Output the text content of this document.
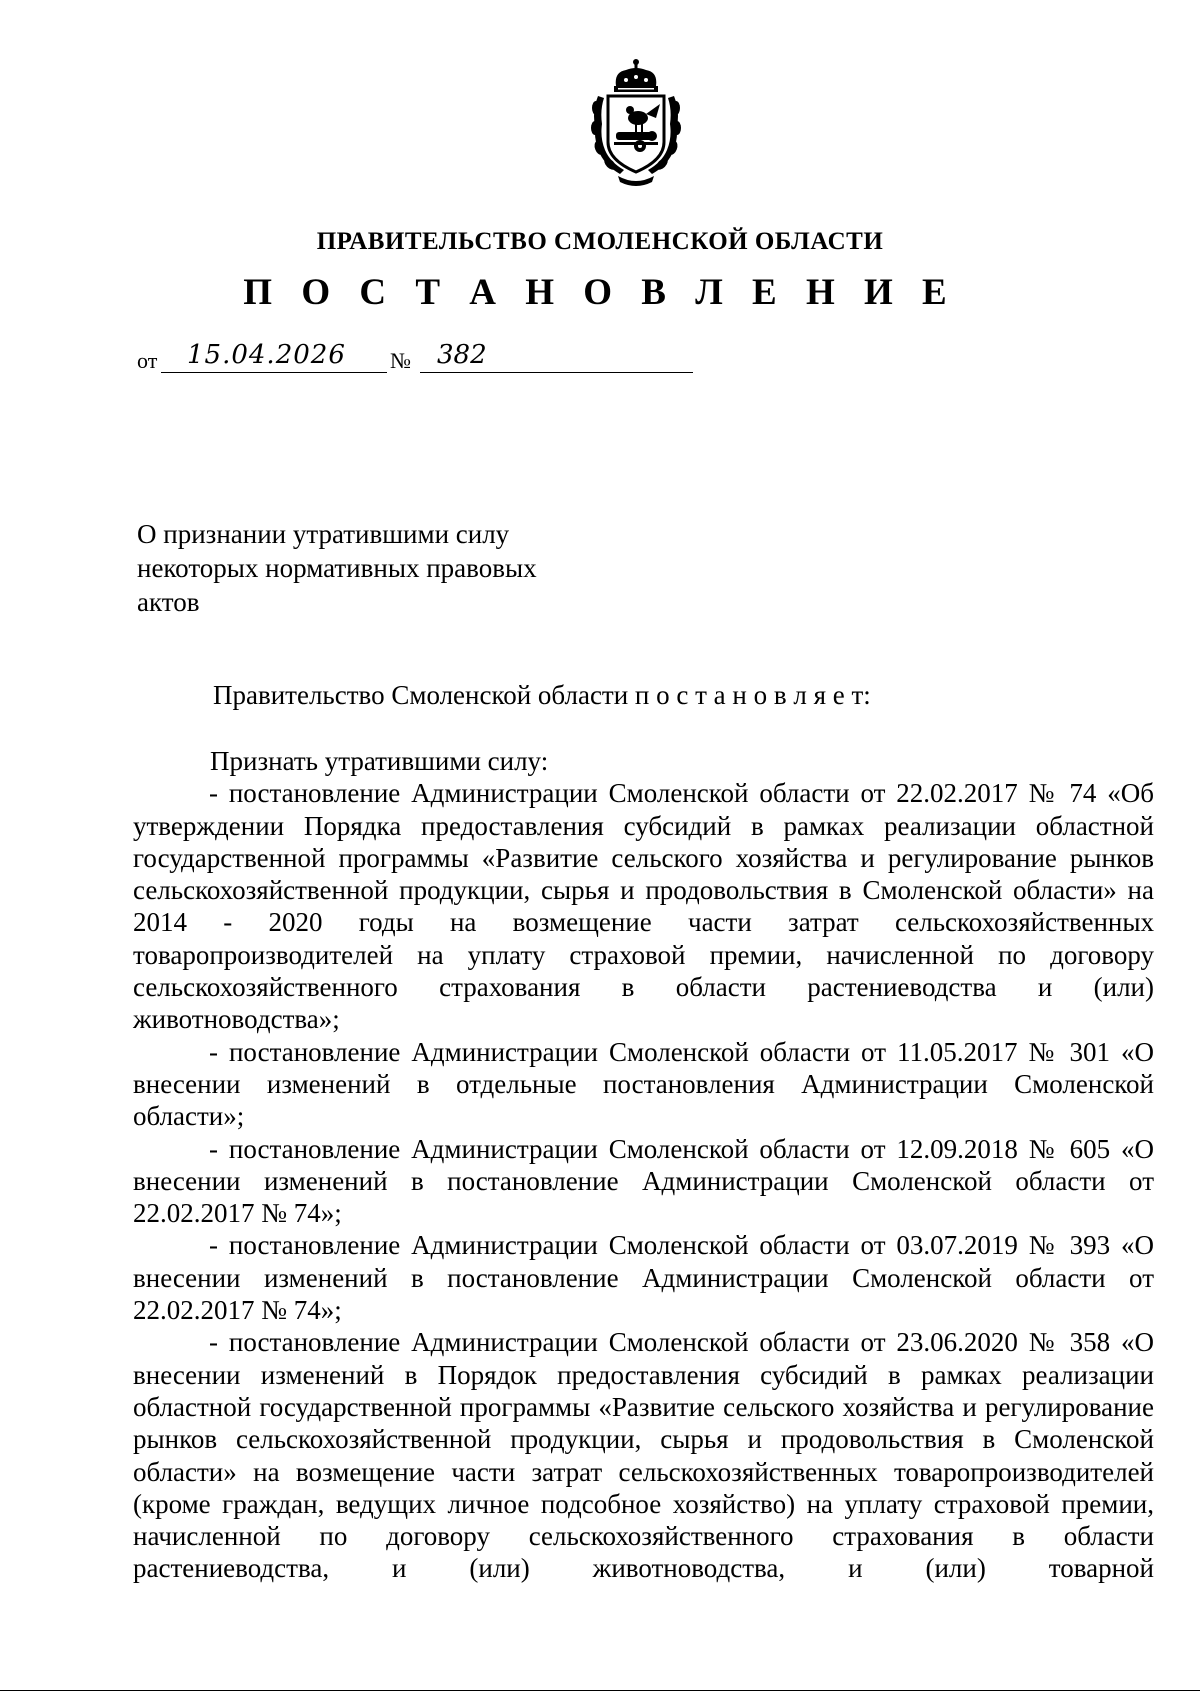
ПРАВИТЕЛЬСТВО СМОЛЕНСКОЙ ОБЛАСТИ
П О С Т А Н О В Л Е Н И Е
от 15.04.2026 № 382
О признании утратившими силу
некоторых нормативных правовых
актов
Правительство Смоленской области п о с т а н о в л я е т:

Признать утратившими силу:

- постановление Администрации Смоленской области от 22.02.2017 № 74 «Об утверждении Порядка предоставления субсидий в рамках реализации областной государственной программы «Развитие сельского хозяйства и регулирование рынков сельскохозяйственной продукции, сырья и продовольствия в Смоленской области» на 2014 - 2020 годы на возмещение части затрат сельскохозяйственных товаропроизводителей на уплату страховой премии, начисленной по договору сельскохозяйственного страхования в области растениеводства и (или) животноводства»;

- постановление Администрации Смоленской области от 11.05.2017 № 301 «О внесении изменений в отдельные постановления Администрации Смоленской области»;

- постановление Администрации Смоленской области от 12.09.2018 № 605 «О внесении изменений в постановление Администрации Смоленской области от 22.02.2017 № 74»;

- постановление Администрации Смоленской области от 03.07.2019 № 393 «О внесении изменений в постановление Администрации Смоленской области от 22.02.2017 № 74»;

- постановление Администрации Смоленской области от 23.06.2020 № 358 «О внесении изменений в Порядок предоставления субсидий в рамках реализации областной государственной программы «Развитие сельского хозяйства и регулирование рынков сельскохозяйственной продукции, сырья и продовольствия в Смоленской области» на возмещение части затрат сельскохозяйственных товаропроизводителей (кроме граждан, ведущих личное подсобное хозяйство) на уплату страховой премии, начисленной по договору сельскохозяйственного страхования в области растениеводства, и (или) животноводства, и (или) товарной
